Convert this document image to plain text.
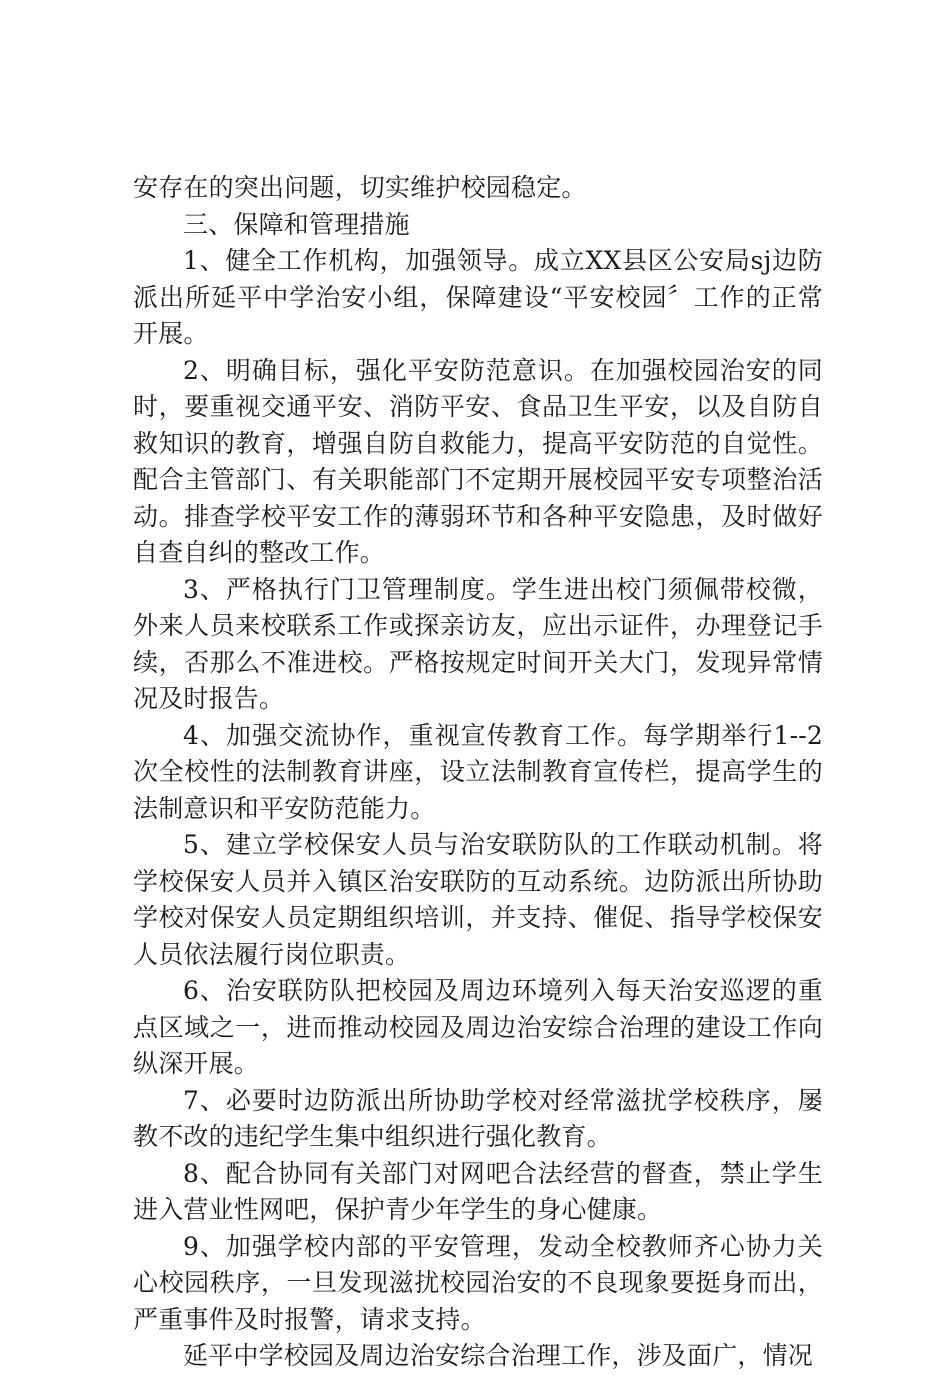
安存在的突出问题，切实维护校园稳定。

三、保障和管理措施

1、健全工作机构，加强领导。成立XX县区公安局sj边防派出所延平中学治安小组，保障建设“平安校园〞工作的正常开展。

2、明确目标，强化平安防范意识。在加强校园治安的同时，要重视交通平安、消防平安、食品卫生平安，以及自防自救知识的教育，增强自防自救能力，提高平安防范的自觉性。配合主管部门、有关职能部门不定期开展校园平安专项整治活动。排查学校平安工作的薄弱环节和各种平安隐患，及时做好自查自纠的整改工作。

3、严格执行门卫管理制度。学生进出校门须佩带校微，外来人员来校联系工作或探亲访友，应出示证件，办理登记手续，否那么不准进校。严格按规定时间开关大门，发现异常情况及时报告。

4、加强交流协作，重视宣传教育工作。每学期举行1--2次全校性的法制教育讲座，设立法制教育宣传栏，提高学生的法制意识和平安防范能力。

5、建立学校保安人员与治安联防队的工作联动机制。将学校保安人员并入镇区治安联防的互动系统。边防派出所协助学校对保安人员定期组织培训，并支持、催促、指导学校保安人员依法履行岗位职责。

6、治安联防队把校园及周边环境列入每天治安巡逻的重点区域之一，进而推动校园及周边治安综合治理的建设工作向纵深开展。

7、必要时边防派出所协助学校对经常滋扰学校秩序，屡教不改的违纪学生集中组织进行强化教育。

8、配合协同有关部门对网吧合法经营的督查，禁止学生进入营业性网吧，保护青少年学生的身心健康。

9、加强学校内部的平安管理，发动全校教师齐心协力关心校园秩序，一旦发现滋扰校园治安的不良现象要挺身而出，严重事件及时报警，请求支持。

延平中学校园及周边治安综合治理工作，涉及面广，情况
